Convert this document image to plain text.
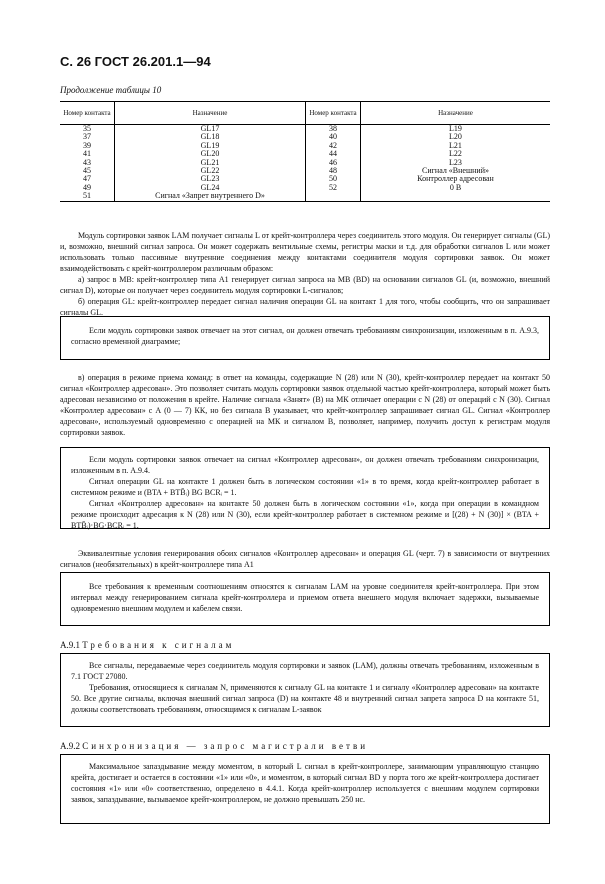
С. 26 ГОСТ 26.201.1—94
Продолжение таблицы 10
Номер контакта	Назначение	Номер контакта	Назначение
35	GL17	38	L19
37	GL18	40	L20
39	GL19	42	L21
41	GL20	44	L22
43	GL21	46	L23
45	GL22	48	Сигнал «Внешний»
47	GL23	50	Контроллер адресован
49	GL24	52	0 В
51	Сигнал «Запрет внутреннего D»		

Модуль сортировки заявок LAM получает сигналы L от крейт-контроллера через соединитель этого модуля. Он генерирует сигналы (GL) и, возможно, внешний сигнал запроса. Он может содержать вентильные схемы, регистры маски и т.д. для обработки сигналов L или может использовать только пассивные внутренние соединения между контактами соединителя модуля сортировки заявок. Он может взаимодействовать с крейт-контроллером различным образом:

а) запрос в МВ: крейт-контроллер типа А1 генерирует сигнал запроса на МВ (BD) на основании сигналов GL (и, возможно, внешний сигнал D), которые он получает через соединитель модуля сортировки L-сигналов;

б) операция GL: крейт-контроллер передает сигнал наличия операции GL на контакт 1 для того, чтобы сообщить, что он запрашивает сигналы GL.

Если модуль сортировки заявок отвечает на этот сигнал, он должен отвечать требованиям синхронизации, изложенным в п. А.9.3, согласно временной диаграмме;

в) операция в режиме приема команд: в ответ на команды, содержащие N (28) или N (30), крейт-контроллер передает на контакт 50 сигнал «Контроллер адресован». Это позволяет считать модуль сортировки заявок отдельной частью крейт-контроллера, который может быть адресован независимо от положения в крейте. Наличие сигнала «Занят» (B) на МК отличает операции с N (28) от операций с N (30). Сигнал «Контроллер адресован» с А (0 — 7) КК, но без сигнала В указывает, что крейт-контроллер запрашивает сигнал GL. Сигнал «Контроллер адресован», используемый одновременно с операцией на МК и сигналом В, позволяет, например, получить доступ к регистрам модуля сортировки заявок.

Если модуль сортировки заявок отвечает на сигнал «Контроллер адресован», он должен отвечать требованиям синхронизации, изложенным в п. А.9.4.

Сигнал операции GL на контакте 1 должен быть в логическом состоянии «1» в то время, когда крейт-контроллер работает в системном режиме и (BTA + BTB̄ᵢ) BG BCRᵢ = 1.

Сигнал «Контроллер адресован» на контакте 50 должен быть в логическом состоянии «1», когда при операции в командном режиме происходит адресация к N (28) или N (30), если крейт-контроллер работает в системном режиме и [(28) + N (30)] × (BTA + BTB̄ᵢ)·BG·BCRᵢ = 1.

Эквивалентные условия генерирования обоих сигналов «Контроллер адресован» и операция GL (черт. 7) в зависимости от внутренних сигналов (необязательных) в крейт-контроллере типа А1

Все требования к временным соотношениям относятся к сигналам LAM на уровне соединителя крейт-контроллера. При этом интервал между генерированием сигнала крейт-контроллера и приемом ответа внешнего модуля включает задержки, вызываемые одновременно внешним модулем и кабелем связи.

А.9.1 Требования к сигналам

Все сигналы, передаваемые через соединитель модуля сортировки и заявок (LAM), должны отвечать требованиям, изложенным в 7.1 ГОСТ 27080.

Требования, относящиеся к сигналам N, применяются к сигналу GL на контакте 1 и сигналу «Контроллер адресован» на контакте 50. Все другие сигналы, включая внешний сигнал запроса (D) на контакте 48 и внутренний сигнал запрета запроса D на контакте 51, должны соответствовать требованиям, относящимся к сигналам L-заявок

А.9.2 Синхронизация — запрос магистрали ветви

Максимальное запаздывание между моментом, в который L сигнал в крейт-контроллере, занимающим управляющую станцию крейта, достигает и остается в состоянии «1» или «0», и моментом, в который сигнал BD у порта того же крейт-контроллера достигает состояния «1» или «0» соответственно, определено в 4.4.1. Когда крейт-контроллер используется с внешним модулем сортировки заявок, запаздывание, вызываемое крейт-контроллером, не должно превышать 250 нс.
